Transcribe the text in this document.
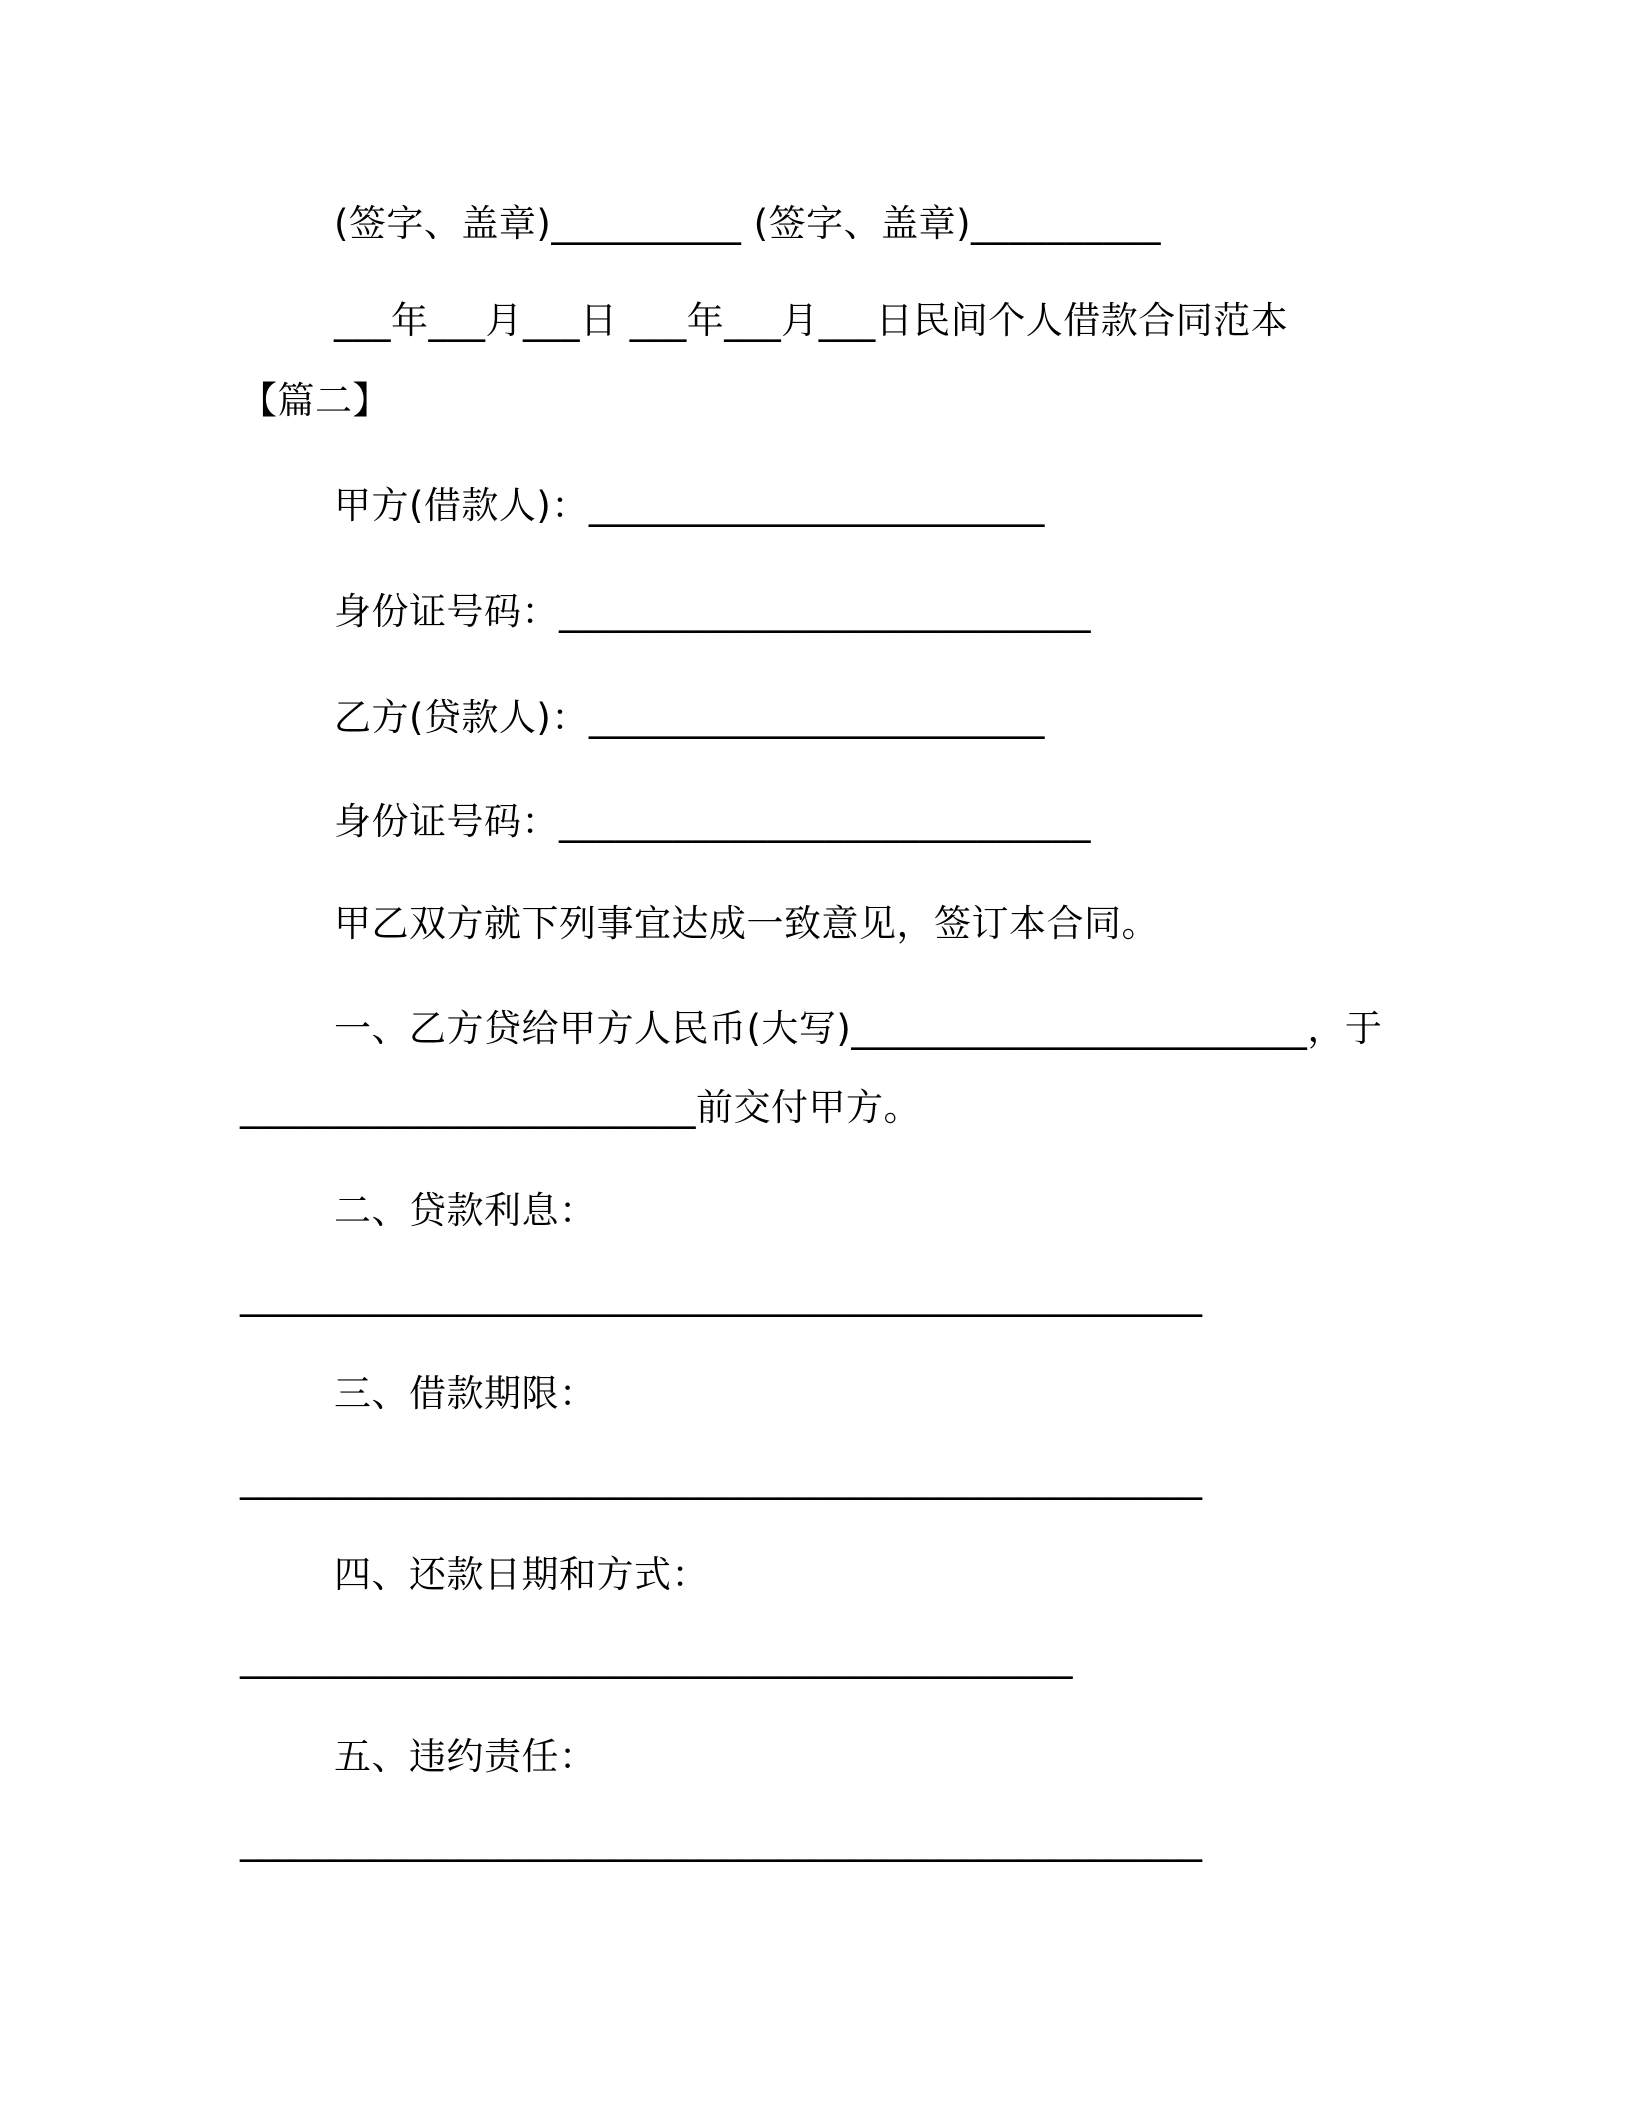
(签字、盖章)__________ (签字、盖章)__________
___年___月___日 ___年___月___日民间个人借款合同范本
【篇二】
甲方(借款人)：________________________
身份证号码：____________________________
乙方(贷款人)：________________________
身份证号码：____________________________
甲乙双方就下列事宜达成一致意见，签订本合同。
一、乙方贷给甲方人民币(大写)________________________，于
________________________前交付甲方。
二、贷款利息：
____________________________________________________
三、借款期限：
____________________________________________________
四、还款日期和方式：
_____________________________________________
五、违约责任：
____________________________________________________
